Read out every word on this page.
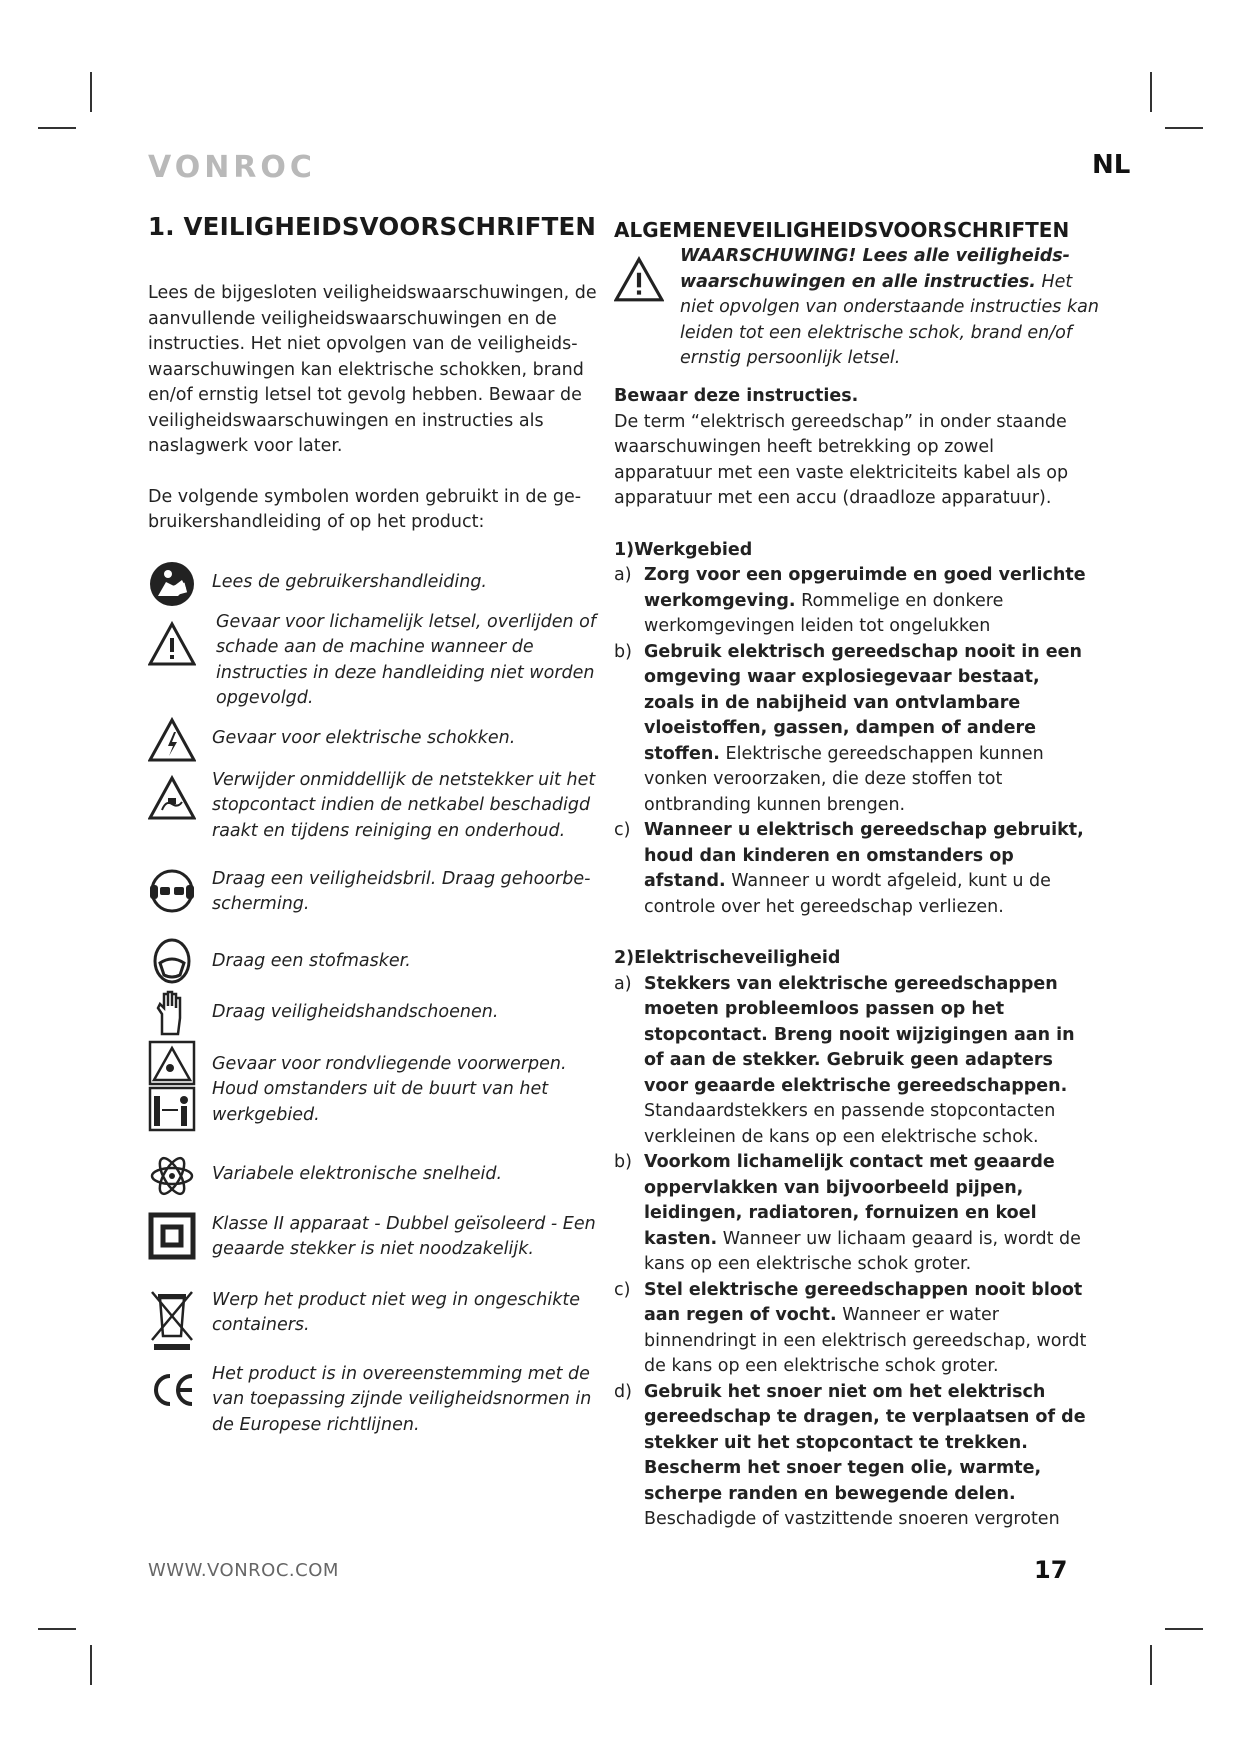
VONROC	NL
1. VEILIGHEIDSVOORSCHRIFTEN

Lees de bijgesloten veiligheidswaarschuwingen, de aanvullende veiligheidswaarschuwingen en de instructies. Het niet opvolgen van de veiligheids- waarschuwingen kan elektrische schokken, brand en/of ernstig letsel tot gevolg hebben. Bewaar de veiligheidswaarschuwingen en instructies als naslagwerk voor later.

De volgende symbolen worden gebruikt in de ge- bruikershandleiding of op het product:

Lees de gebruikershandleiding.
Gevaar voor lichamelijk letsel, overlijden of schade aan de machine wanneer de instructies in deze handleiding niet worden opgevolgd.
Gevaar voor elektrische schokken.
Verwijder onmiddellijk de netstekker uit het stopcontact indien de netkabel beschadigd raakt en tijdens reiniging en onderhoud.
Draag een veiligheidsbril. Draag gehoorbe- scherming.
Draag een stofmasker.
Draag veiligheidshandschoenen.
Gevaar voor rondvliegende voorwerpen. Houd omstanders uit de buurt van het werkgebied.
Variabele elektronische snelheid.
Klasse II apparaat - Dubbel geïsoleerd - Een geaarde stekker is niet noodzakelijk.
Werp het product niet weg in ongeschikte containers.
Het product is in overeenstemming met de van toepassing zijnde veiligheidsnormen in de Europese richtlijnen.
ALGEMENEVEILIGHEIDSVOORSCHRIFTEN
WAARSCHUWING! Lees alle veiligheids- waarschuwingen en alle instructies. Het niet opvolgen van onderstaande instructies kan leiden tot een elektrische schok, brand en/of ernstig persoonlijk letsel.

Bewaar deze instructies.

De term “elektrisch gereedschap” in onder staande waarschuwingen heeft betrekking op zowel apparatuur met een vaste elektriciteits kabel als op apparatuur met een accu (draadloze apparatuur).

1)Werkgebied

a) Zorg voor een opgeruimde en goed verlichte werkomgeving. Rommelige en donkere werkomgevingen leiden tot ongelukken
b) Gebruik elektrisch gereedschap nooit in een omgeving waar explosiegevaar bestaat, zoals in de nabijheid van ontvlambare vloeistoffen, gassen, dampen of andere stoffen. Elektrische gereedschappen kunnen vonken veroorzaken, die deze stoffen tot ontbranding kunnen brengen.
c) Wanneer u elektrisch gereedschap gebruikt, houd dan kinderen en omstanders op afstand. Wanneer u wordt afgeleid, kunt u de controle over het gereedschap verliezen.

2)Elektrischeveiligheid

a) Stekkers van elektrische gereedschappen moeten probleemloos passen op het stopcontact. Breng nooit wijzigingen aan in of aan de stekker. Gebruik geen adapters voor geaarde elektrische gereedschappen. Standaardstekkers en passende stopcontacten verkleinen de kans op een elektrische schok.
b) Voorkom lichamelijk contact met geaarde oppervlakken van bijvoorbeeld pijpen, leidingen, radiatoren, fornuizen en koel kasten. Wanneer uw lichaam geaard is, wordt de kans op een elektrische schok groter.
c) Stel elektrische gereedschappen nooit bloot aan regen of vocht. Wanneer er water binnendringt in een elektrisch gereedschap, wordt de kans op een elektrische schok groter.
d) Gebruik het snoer niet om het elektrisch gereedschap te dragen, te verplaatsen of de stekker uit het stopcontact te trekken. Bescherm het snoer tegen olie, warmte, scherpe randen en bewegende delen. Beschadigde of vastzittende snoeren vergroten
WWW.VONROC.COM	17
